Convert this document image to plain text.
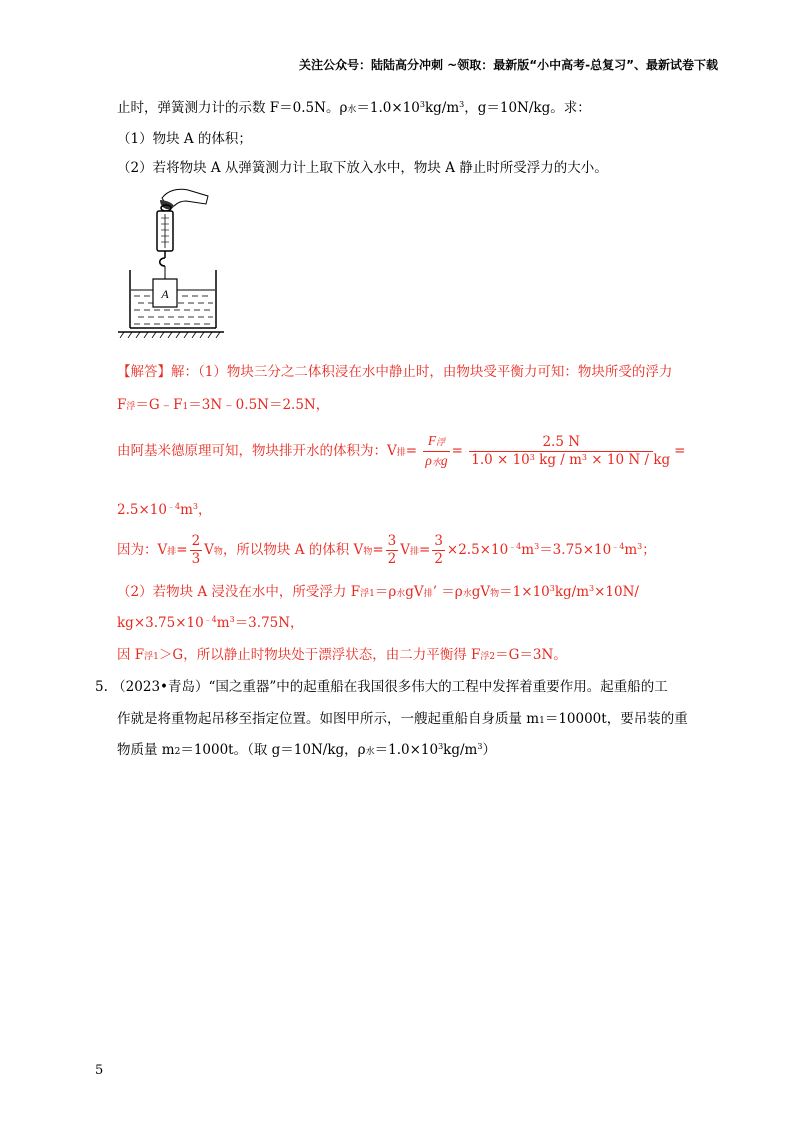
关注公众号：陆陆高分冲刺 ~领取：最新版“小中高考-总复习”、最新试卷下载
止时，弹簧测力计的示数 F＝0.5N。ρ水$=1.0\times 10^3kg/m^3$，g＝10N/kg。求：
（1）物块 A 的体积；
（2）若将物块 A 从弹簧测力计上取下放入水中，物块 A 静止时所受浮力的大小。
A
【解答】解：（1）物块三分之二体积浸在水中静止时，由物块受平衡力可知：物块所受的浮力
F浮＝G﹣F1＝3N﹣0.5N＝2.5N，
由阿基米德原理可知，物块排开水的体积为：V排= $\frac{\text{F浮}}{\text{ρ水g}} = \frac{2.5 N}{1.0 \times 10^3 kg / m^3 \times 10 N / kg}$ =
$2.5\times 10^{﹣4}m^3$，
因为：V排= $\frac{2}{3}$ V物，所以物块 A 的体积 V物= $\frac{3}{2}$ V排= $\frac{3}{2} \times 2.5\times 10^{﹣4}m^3=3.75\times 10^{﹣4}m^3$；
（2）若物块 A 浸没在水中，所受浮力 F浮1＝ρ水gV排’ ＝ρ水gV物$=1\times 10^3kg/m^3\times 10N/$
$kg\times 3.75\times 10^{﹣4}m^3=3.75N$，
因 F浮1＞G，所以静止时物块处于漂浮状态，由二力平衡得 F浮2＝G＝3N。
5. （2023•青岛）“国之重器”中的起重船在我国很多伟大的工程中发挥着重要作用。起重船的工
作就是将重物起吊移至指定位置。如图甲所示，一艘起重船自身质量 m1＝10000t，要吊装的重
物质量 m2＝1000t。（取 g＝10N/kg，ρ水$=1.0\times 10^3kg/m^3$）
5
